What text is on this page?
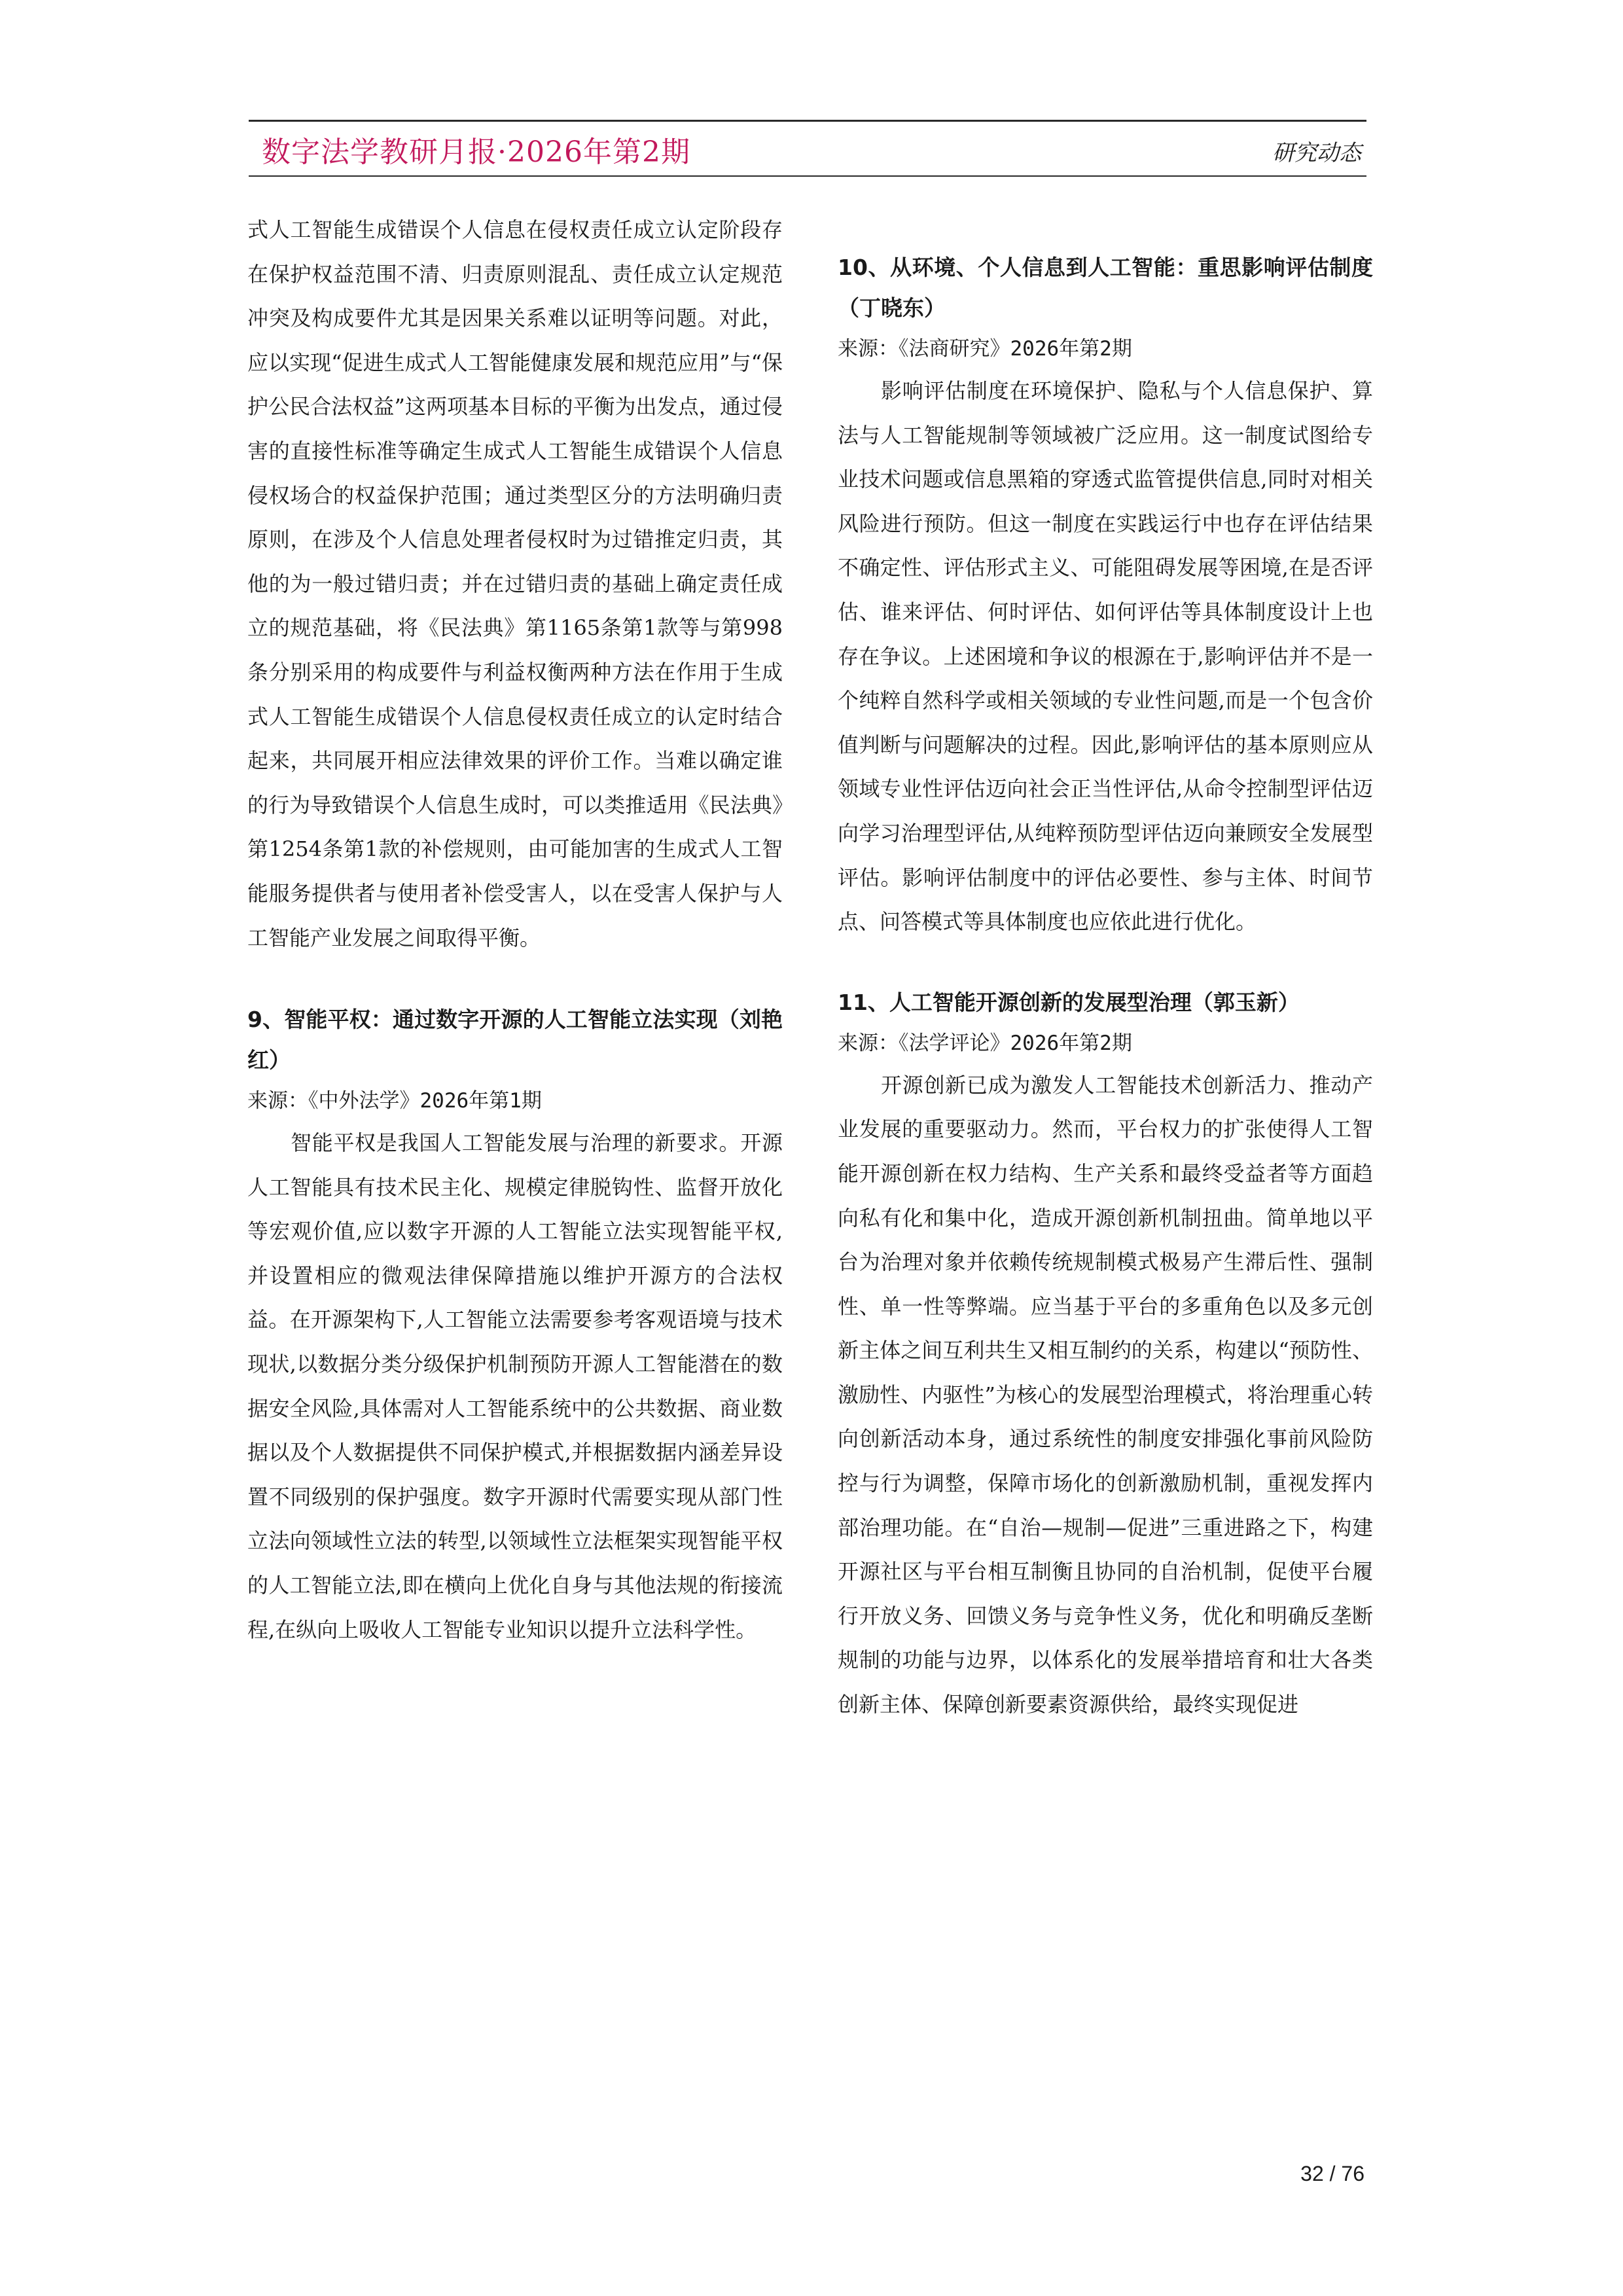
数字法学教研月报·2026年第2期	研究动态

式人工智能生成错误个人信息在侵权责任成立认定阶段存在保护权益范围不清、归责原则混乱、责任成立认定规范冲突及构成要件尤其是因果关系难以证明等问题。对此，应以实现“促进生成式人工智能健康发展和规范应用”与“保护公民合法权益”这两项基本目标的平衡为出发点，通过侵害的直接性标准等确定生成式人工智能生成错误个人信息侵权场合的权益保护范围；通过类型区分的方法明确归责原则，在涉及个人信息处理者侵权时为过错推定归责，其他的为一般过错归责；并在过错归责的基础上确定责任成立的规范基础，将《民法典》第1165条第1款等与第998条分别采用的构成要件与利益权衡两种方法在作用于生成式人工智能生成错误个人信息侵权责任成立的认定时结合起来，共同展开相应法律效果的评价工作。当难以确定谁的行为导致错误个人信息生成时，可以类推适用《民法典》第1254条第1款的补偿规则，由可能加害的生成式人工智能服务提供者与使用者补偿受害人，以在受害人保护与人工智能产业发展之间取得平衡。

9、智能平权：通过数字开源的人工智能立法实现（刘艳红）

来源：《中外法学》2026年第1期

智能平权是我国人工智能发展与治理的新要求。开源人工智能具有技术民主化、规模定律脱钩性、监督开放化等宏观价值,应以数字开源的人工智能立法实现智能平权,并设置相应的微观法律保障措施以维护开源方的合法权益。在开源架构下,人工智能立法需要参考客观语境与技术现状,以数据分类分级保护机制预防开源人工智能潜在的数据安全风险,具体需对人工智能系统中的公共数据、商业数据以及个人数据提供不同保护模式,并根据数据内涵差异设置不同级别的保护强度。数字开源时代需要实现从部门性立法向领域性立法的转型,以领域性立法框架实现智能平权的人工智能立法,即在横向上优化自身与其他法规的衔接流程,在纵向上吸收人工智能专业知识以提升立法科学性。

10、从环境、个人信息到人工智能：重思影响评估制度（丁晓东）

来源：《法商研究》2026年第2期

影响评估制度在环境保护、隐私与个人信息保护、算法与人工智能规制等领域被广泛应用。这一制度试图给专业技术问题或信息黑箱的穿透式监管提供信息,同时对相关风险进行预防。但这一制度在实践运行中也存在评估结果不确定性、评估形式主义、可能阻碍发展等困境,在是否评估、谁来评估、何时评估、如何评估等具体制度设计上也存在争议。上述困境和争议的根源在于,影响评估并不是一个纯粹自然科学或相关领域的专业性问题,而是一个包含价值判断与问题解决的过程。因此,影响评估的基本原则应从领域专业性评估迈向社会正当性评估,从命令控制型评估迈向学习治理型评估,从纯粹预防型评估迈向兼顾安全发展型评估。影响评估制度中的评估必要性、参与主体、时间节点、问答模式等具体制度也应依此进行优化。

11、人工智能开源创新的发展型治理（郭玉新）

来源：《法学评论》2026年第2期

开源创新已成为激发人工智能技术创新活力、推动产业发展的重要驱动力。然而，平台权力的扩张使得人工智能开源创新在权力结构、生产关系和最终受益者等方面趋向私有化和集中化，造成开源创新机制扭曲。简单地以平台为治理对象并依赖传统规制模式极易产生滞后性、强制性、单一性等弊端。应当基于平台的多重角色以及多元创新主体之间互利共生又相互制约的关系，构建以“预防性、激励性、内驱性”为核心的发展型治理模式，将治理重心转向创新活动本身，通过系统性的制度安排强化事前风险防控与行为调整，保障市场化的创新激励机制，重视发挥内部治理功能。在“自治—规制—促进”三重进路之下，构建开源社区与平台相互制衡且协同的自治机制，促使平台履行开放义务、回馈义务与竞争性义务，优化和明确反垄断规制的功能与边界，以体系化的发展举措培育和壮大各类创新主体、保障创新要素资源供给，最终实现促进

32 / 76
